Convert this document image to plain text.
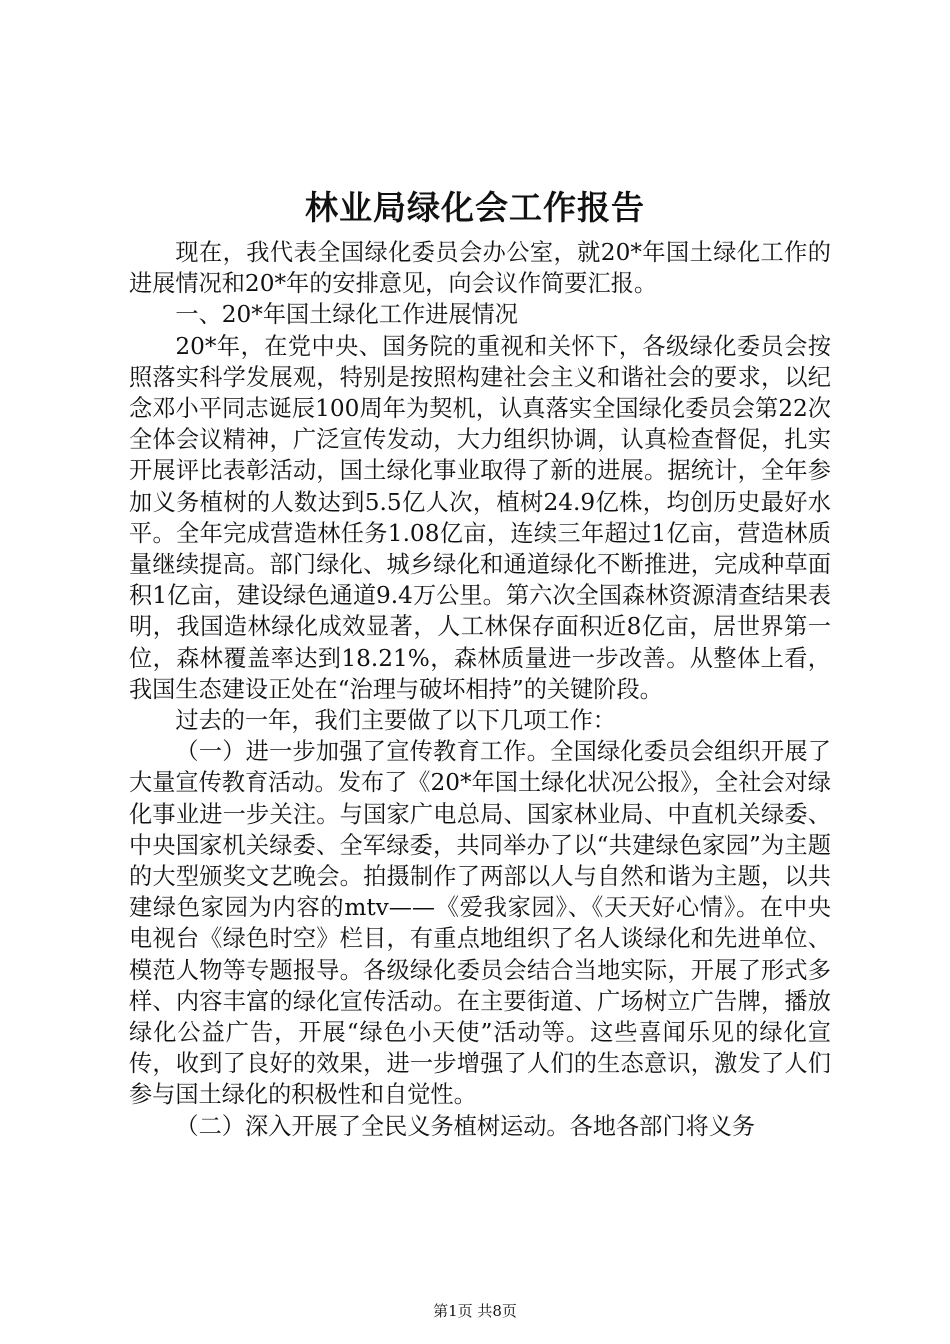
林业局绿化会工作报告

现在，我代表全国绿化委员会办公室，就20*年国土绿化工作的进展情况和20*年的安排意见，向会议作简要汇报。

一、20*年国土绿化工作进展情况

20*年，在党中央、国务院的重视和关怀下，各级绿化委员会按照落实科学发展观，特别是按照构建社会主义和谐社会的要求，以纪念邓小平同志诞辰100周年为契机，认真落实全国绿化委员会第22次全体会议精神，广泛宣传发动，大力组织协调，认真检查督促，扎实开展评比表彰活动，国土绿化事业取得了新的进展。据统计，全年参加义务植树的人数达到5.5亿人次，植树24.9亿株，均创历史最好水平。全年完成营造林任务1.08亿亩，连续三年超过1亿亩，营造林质量继续提高。部门绿化、城乡绿化和通道绿化不断推进，完成种草面积1亿亩，建设绿色通道9.4万公里。第六次全国森林资源清查结果表明，我国造林绿化成效显著，人工林保存面积近8亿亩，居世界第一位，森林覆盖率达到18.21%，森林质量进一步改善。从整体上看，我国生态建设正处在“治理与破坏相持”的关键阶段。

过去的一年，我们主要做了以下几项工作：

（一）进一步加强了宣传教育工作。全国绿化委员会组织开展了大量宣传教育活动。发布了《20*年国土绿化状况公报》，全社会对绿化事业进一步关注。与国家广电总局、国家林业局、中直机关绿委、中央国家机关绿委、全军绿委，共同举办了以“共建绿色家园”为主题的大型颁奖文艺晚会。拍摄制作了两部以人与自然和谐为主题，以共建绿色家园为内容的mtv——《爱我家园》、《天天好心情》。在中央电视台《绿色时空》栏目，有重点地组织了名人谈绿化和先进单位、模范人物等专题报导。各级绿化委员会结合当地实际，开展了形式多样、内容丰富的绿化宣传活动。在主要街道、广场树立广告牌，播放绿化公益广告，开展“绿色小天使”活动等。这些喜闻乐见的绿化宣传，收到了良好的效果，进一步增强了人们的生态意识，激发了人们参与国土绿化的积极性和自觉性。

（二）深入开展了全民义务植树运动。各地各部门将义务

第1页 共8页
